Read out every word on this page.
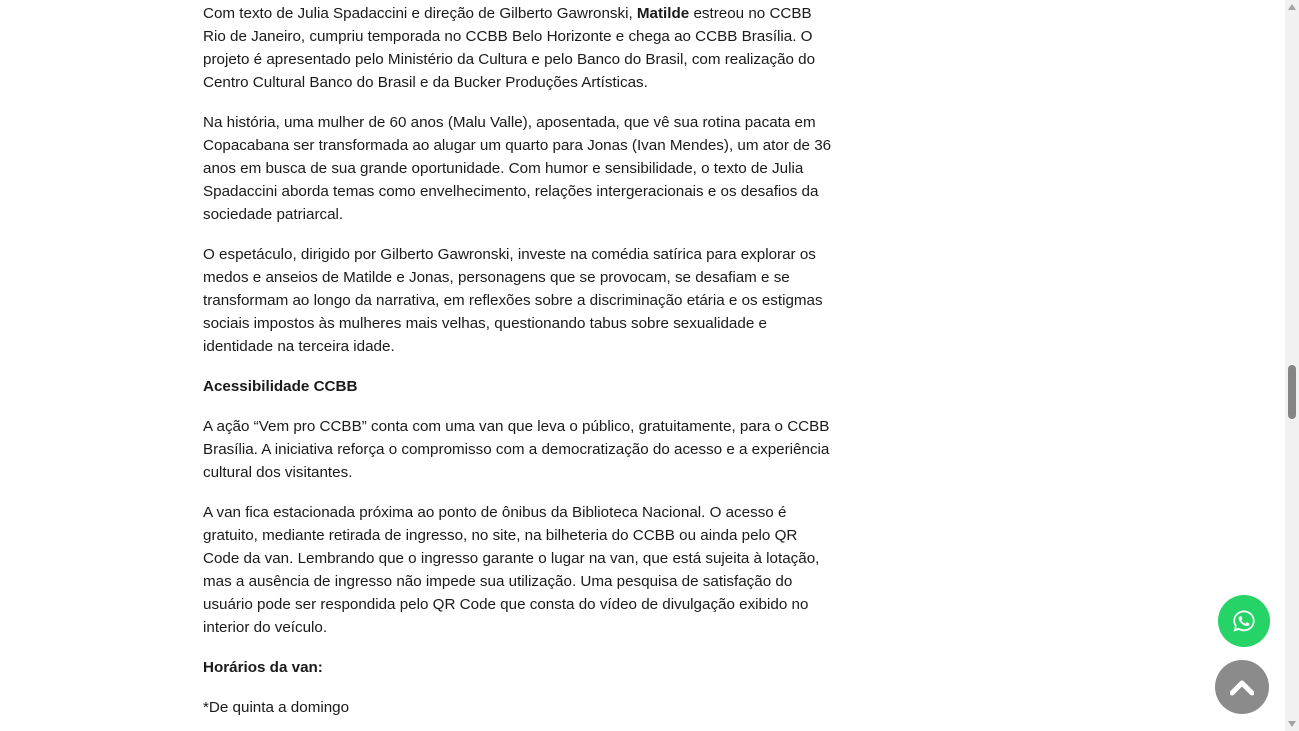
Com texto de Julia Spadaccini e direção de Gilberto Gawronski, Matilde estreou no CCBB Rio de Janeiro, cumpriu temporada no CCBB Belo Horizonte e chega ao CCBB Brasília. O projeto é apresentado pelo Ministério da Cultura e pelo Banco do Brasil, com realização do Centro Cultural Banco do Brasil e da Bucker Produções Artísticas.

Na história, uma mulher de 60 anos (Malu Valle), aposentada, que vê sua rotina pacata em Copacabana ser transformada ao alugar um quarto para Jonas (Ivan Mendes), um ator de 36 anos em busca de sua grande oportunidade. Com humor e sensibilidade, o texto de Julia Spadaccini aborda temas como envelhecimento, relações intergeracionais e os desafios da sociedade patriarcal.

O espetáculo, dirigido por Gilberto Gawronski, investe na comédia satírica para explorar os medos e anseios de Matilde e Jonas, personagens que se provocam, se desafiam e se transformam ao longo da narrativa, em reflexões sobre a discriminação etária e os estigmas sociais impostos às mulheres mais velhas, questionando tabus sobre sexualidade e identidade na terceira idade.

Acessibilidade CCBB

A ação “Vem pro CCBB” conta com uma van que leva o público, gratuitamente, para o CCBB Brasília. A iniciativa reforça o compromisso com a democratização do acesso e a experiência cultural dos visitantes.

A van fica estacionada próxima ao ponto de ônibus da Biblioteca Nacional. O acesso é gratuito, mediante retirada de ingresso, no site, na bilheteria do CCBB ou ainda pelo QR Code da van. Lembrando que o ingresso garante o lugar na van, que está sujeita à lotação, mas a ausência de ingresso não impede sua utilização. Uma pesquisa de satisfação do usuário pode ser respondida pelo QR Code que consta do vídeo de divulgação exibido no interior do veículo.

Horários da van:

*De quinta a domingo
